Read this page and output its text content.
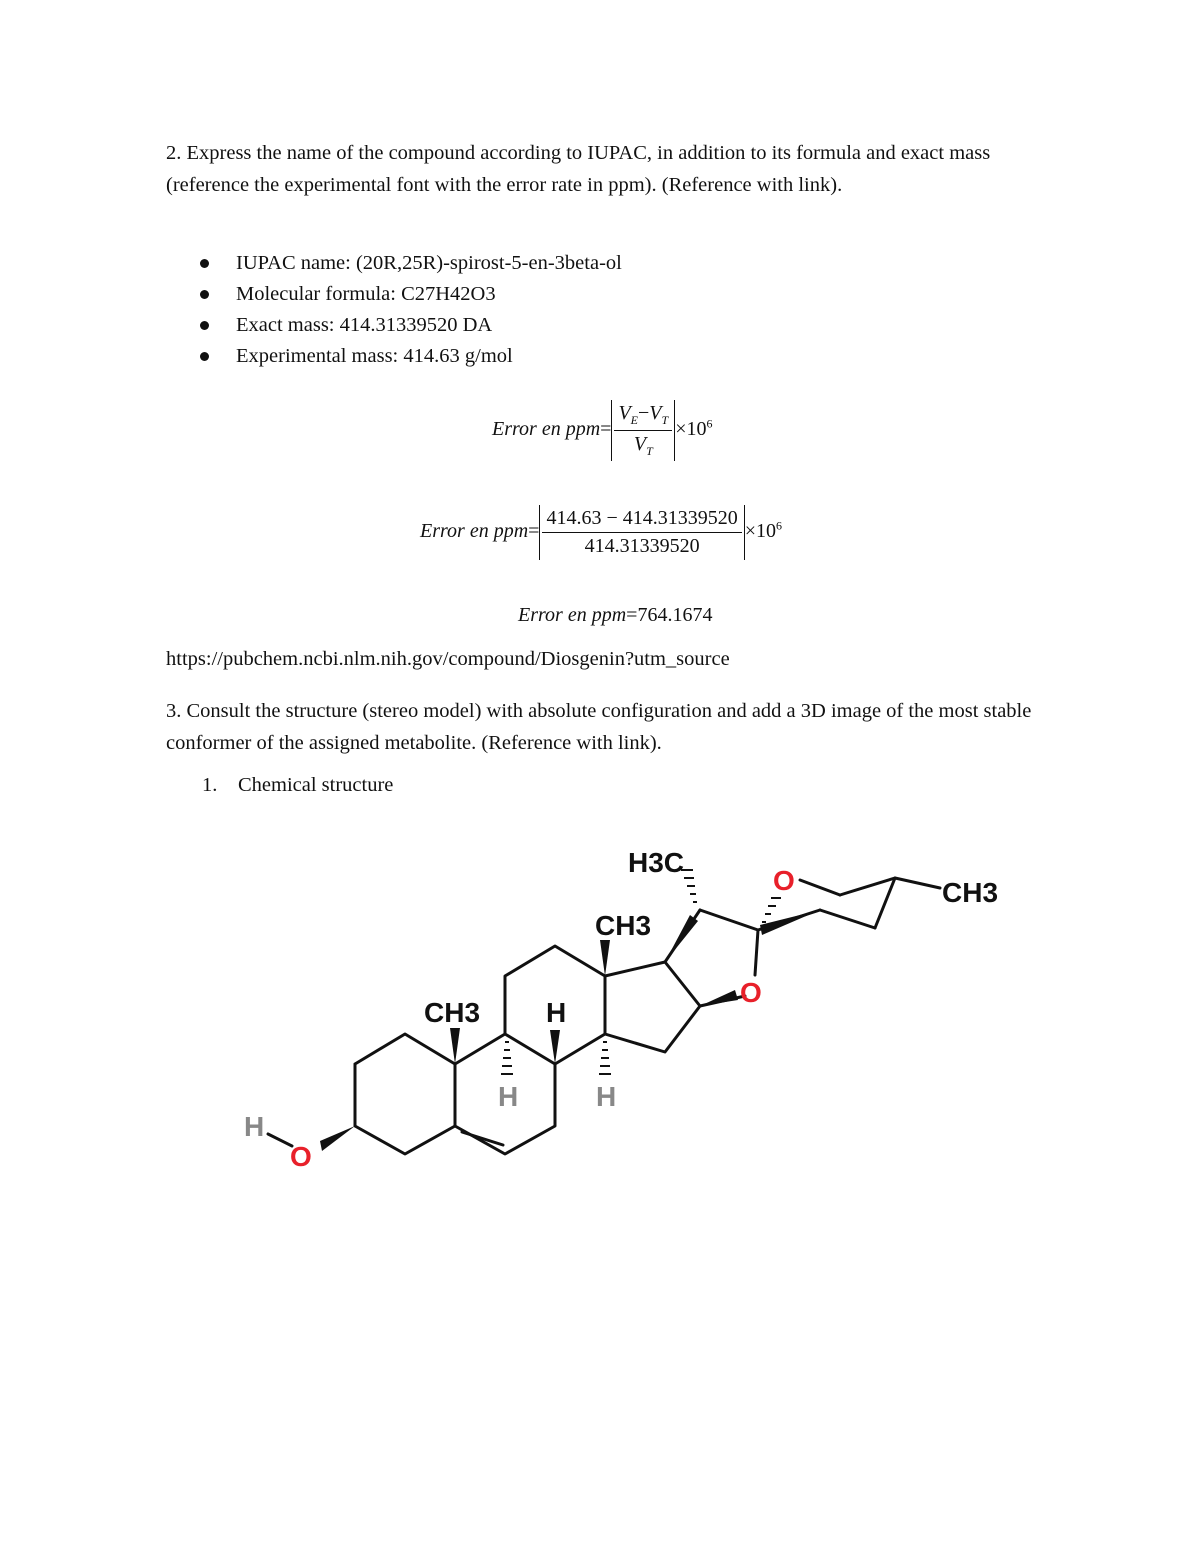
2. Express the name of the compound according to IUPAC, in addition to its formula and exact mass (reference the experimental font with the error rate in ppm). (Reference with link).

IUPAC name: (20R,25R)-spirost-5-en-3beta-ol
Molecular formula: C27H42O3
Exact mass: 414.31339520 DA
Experimental mass: 414.63 g/mol
Error en $ppm= \frac{V_E-V_T}{V_T} \times 10^6$
Error en $ppm= \frac{414.63 - 414.31339520}{414.31339520} \times 10^6$
Error en ppm=764.1674
https://pubchem.ncbi.nlm.nih.gov/compound/Diosgenin?utm_source

3. Consult the structure (stereo model) with absolute configuration and add a 3D image of the most stable conformer of the assigned metabolite. (Reference with link).

1. Chemical structure
H3C
CH3
CH3
CH3 H
H	H
O
O
O
H
